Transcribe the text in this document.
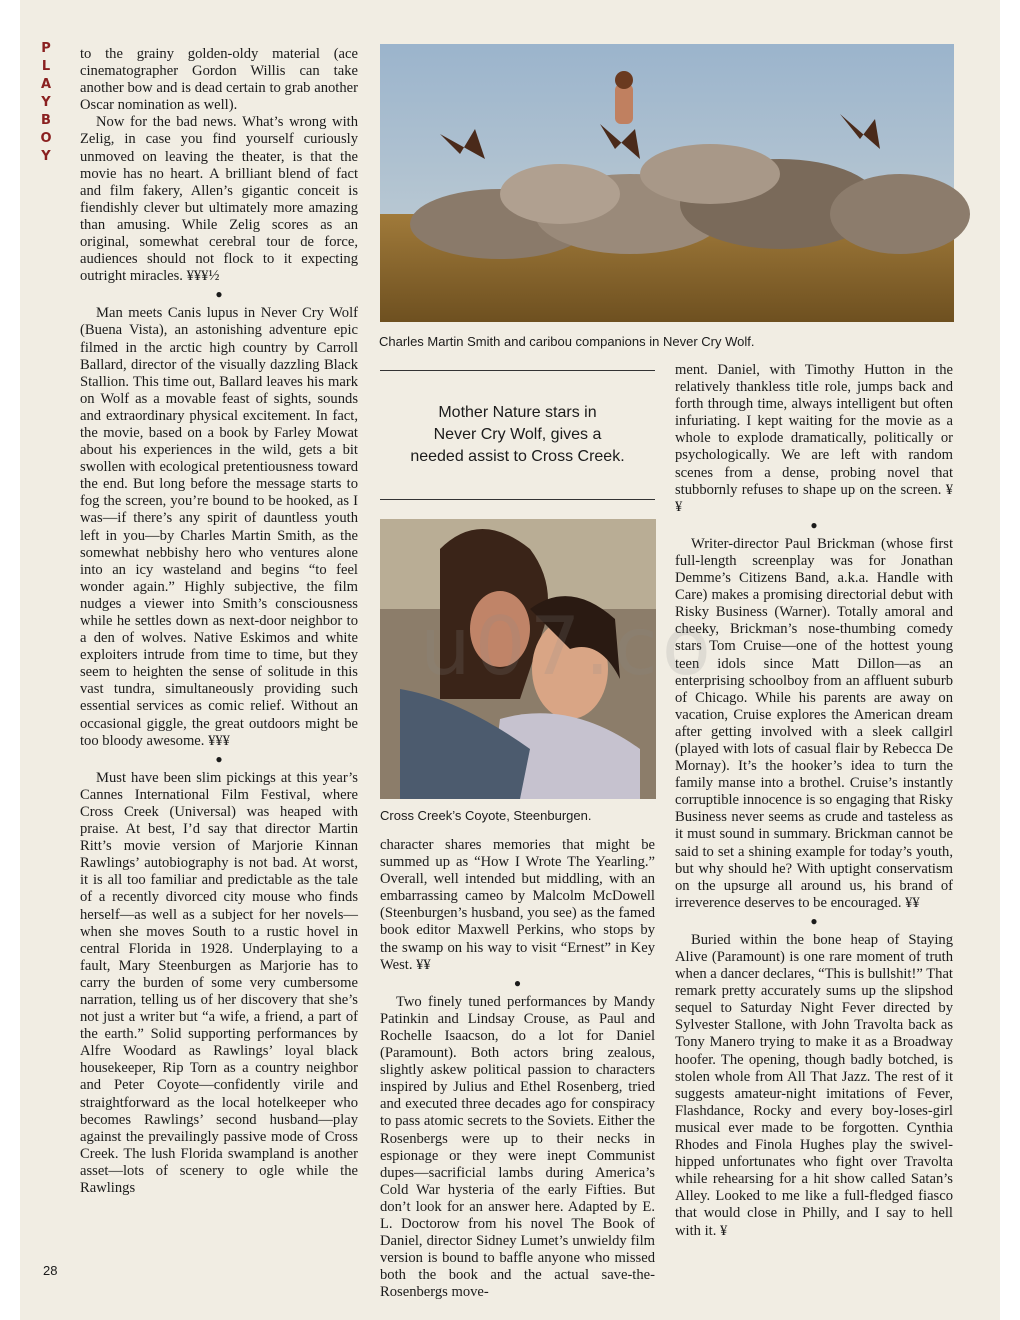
P
L
A
Y
B
O
Y

to the grainy golden-oldy material (ace cinematographer Gordon Willis can take another bow and is dead certain to grab another Oscar nomination as well).

Now for the bad news. What’s wrong with Zelig, in case you find yourself curiously unmoved on leaving the theater, is that the movie has no heart. A brilliant blend of fact and film fakery, Allen’s gigantic conceit is fiendishly clever but ultimately more amazing than amusing. While Zelig scores as an original, somewhat cerebral tour de force, audiences should not flock to it expecting outright miracles. ¥¥¥½

●

Man meets Canis lupus in Never Cry Wolf (Buena Vista), an astonishing adventure epic filmed in the arctic high country by Carroll Ballard, director of the visually dazzling Black Stallion. This time out, Ballard leaves his mark on Wolf as a movable feast of sights, sounds and extraordinary physical excitement. In fact, the movie, based on a book by Farley Mowat about his experiences in the wild, gets a bit swollen with ecological pretentiousness toward the end. But long before the message starts to fog the screen, you’re bound to be hooked, as I was—if there’s any spirit of dauntless youth left in you—by Charles Martin Smith, as the somewhat nebbishy hero who ventures alone into an icy wasteland and begins “to feel wonder again.” Highly subjective, the film nudges a viewer into Smith’s consciousness while he settles down as next-door neighbor to a den of wolves. Native Eskimos and white exploiters intrude from time to time, but they seem to heighten the sense of solitude in this vast tundra, simultaneously providing such essential services as comic relief. Without an occasional giggle, the great outdoors might be too bloody awesome. ¥¥¥

●

Must have been slim pickings at this year’s Cannes International Film Festival, where Cross Creek (Universal) was heaped with praise. At best, I’d say that director Martin Ritt’s movie version of Marjorie Kinnan Rawlings’ autobiography is not bad. At worst, it is all too familiar and predictable as the tale of a recently divorced city mouse who finds herself—as well as a subject for her novels—when she moves South to a rustic hovel in central Florida in 1928. Underplaying to a fault, Mary Steenburgen as Marjorie has to carry the burden of some very cumbersome narration, telling us of her discovery that she’s not just a writer but “a wife, a friend, a part of the earth.” Solid supporting performances by Alfre Woodard as Rawlings’ loyal black housekeeper, Rip Torn as a country neighbor and Peter Coyote—confidently virile and straightforward as the local hotelkeeper who becomes Rawlings’ second husband—play against the prevailingly passive mode of Cross Creek. The lush Florida swampland is another asset—lots of scenery to ogle while the Rawlings

Charles Martin Smith and caribou companions in Never Cry Wolf.
Mother Nature stars in
Never Cry Wolf, gives a
needed assist to Cross Creek.
Cross Creek’s Coyote, Steenburgen.

character shares memories that might be summed up as “How I Wrote The Yearling.” Overall, well intended but middling, with an embarrassing cameo by Malcolm McDowell (Steenburgen’s husband, you see) as the famed book editor Maxwell Perkins, who stops by the swamp on his way to visit “Ernest” in Key West. ¥¥

●

Two finely tuned performances by Mandy Patinkin and Lindsay Crouse, as Paul and Rochelle Isaacson, do a lot for Daniel (Paramount). Both actors bring zealous, slightly askew political passion to characters inspired by Julius and Ethel Rosenberg, tried and executed three decades ago for conspiracy to pass atomic secrets to the Soviets. Either the Rosenbergs were up to their necks in espionage or they were inept Communist dupes—sacrificial lambs during America’s Cold War hysteria of the early Fifties. But don’t look for an answer here. Adapted by E. L. Doctorow from his novel The Book of Daniel, director Sidney Lumet’s unwieldy film version is bound to baffle anyone who missed both the book and the actual save-the-Rosenbergs move-

ment. Daniel, with Timothy Hutton in the relatively thankless title role, jumps back and forth through time, always intelligent but often infuriating. I kept waiting for the movie as a whole to explode dramatically, politically or psychologically. We are left with random scenes from a dense, probing novel that stubbornly refuses to shape up on the screen. ¥¥

●

Writer-director Paul Brickman (whose first full-length screenplay was for Jonathan Demme’s Citizens Band, a.k.a. Handle with Care) makes a promising directorial debut with Risky Business (Warner). Totally amoral and cheeky, Brickman’s nose-thumbing comedy stars Tom Cruise—one of the hottest young teen idols since Matt Dillon—as an enterprising schoolboy from an affluent suburb of Chicago. While his parents are away on vacation, Cruise explores the American dream after getting involved with a sleek callgirl (played with lots of casual flair by Rebecca De Mornay). It’s the hooker’s idea to turn the family manse into a brothel. Cruise’s instantly corruptible innocence is so engaging that Risky Business never seems as crude and tasteless as it must sound in summary. Brickman cannot be said to set a shining example for today’s youth, but why should he? With uptight conservatism on the upsurge all around us, his brand of irreverence deserves to be encouraged. ¥¥

●

Buried within the bone heap of Staying Alive (Paramount) is one rare moment of truth when a dancer declares, “This is bullshit!” That remark pretty accurately sums up the slipshod sequel to Saturday Night Fever directed by Sylvester Stallone, with John Travolta back as Tony Manero trying to make it as a Broadway hoofer. The opening, though badly botched, is stolen whole from All That Jazz. The rest of it suggests amateur-night imitations of Fever, Flashdance, Rocky and every boy-loses-girl musical ever made to be forgotten. Cynthia Rhodes and Finola Hughes play the swivel-hipped unfortunates who fight over Travolta while rehearsing for a hit show called Satan’s Alley. Looked to me like a full-fledged fiasco that would close in Philly, and I say to hell with it. ¥

u07.co
28
